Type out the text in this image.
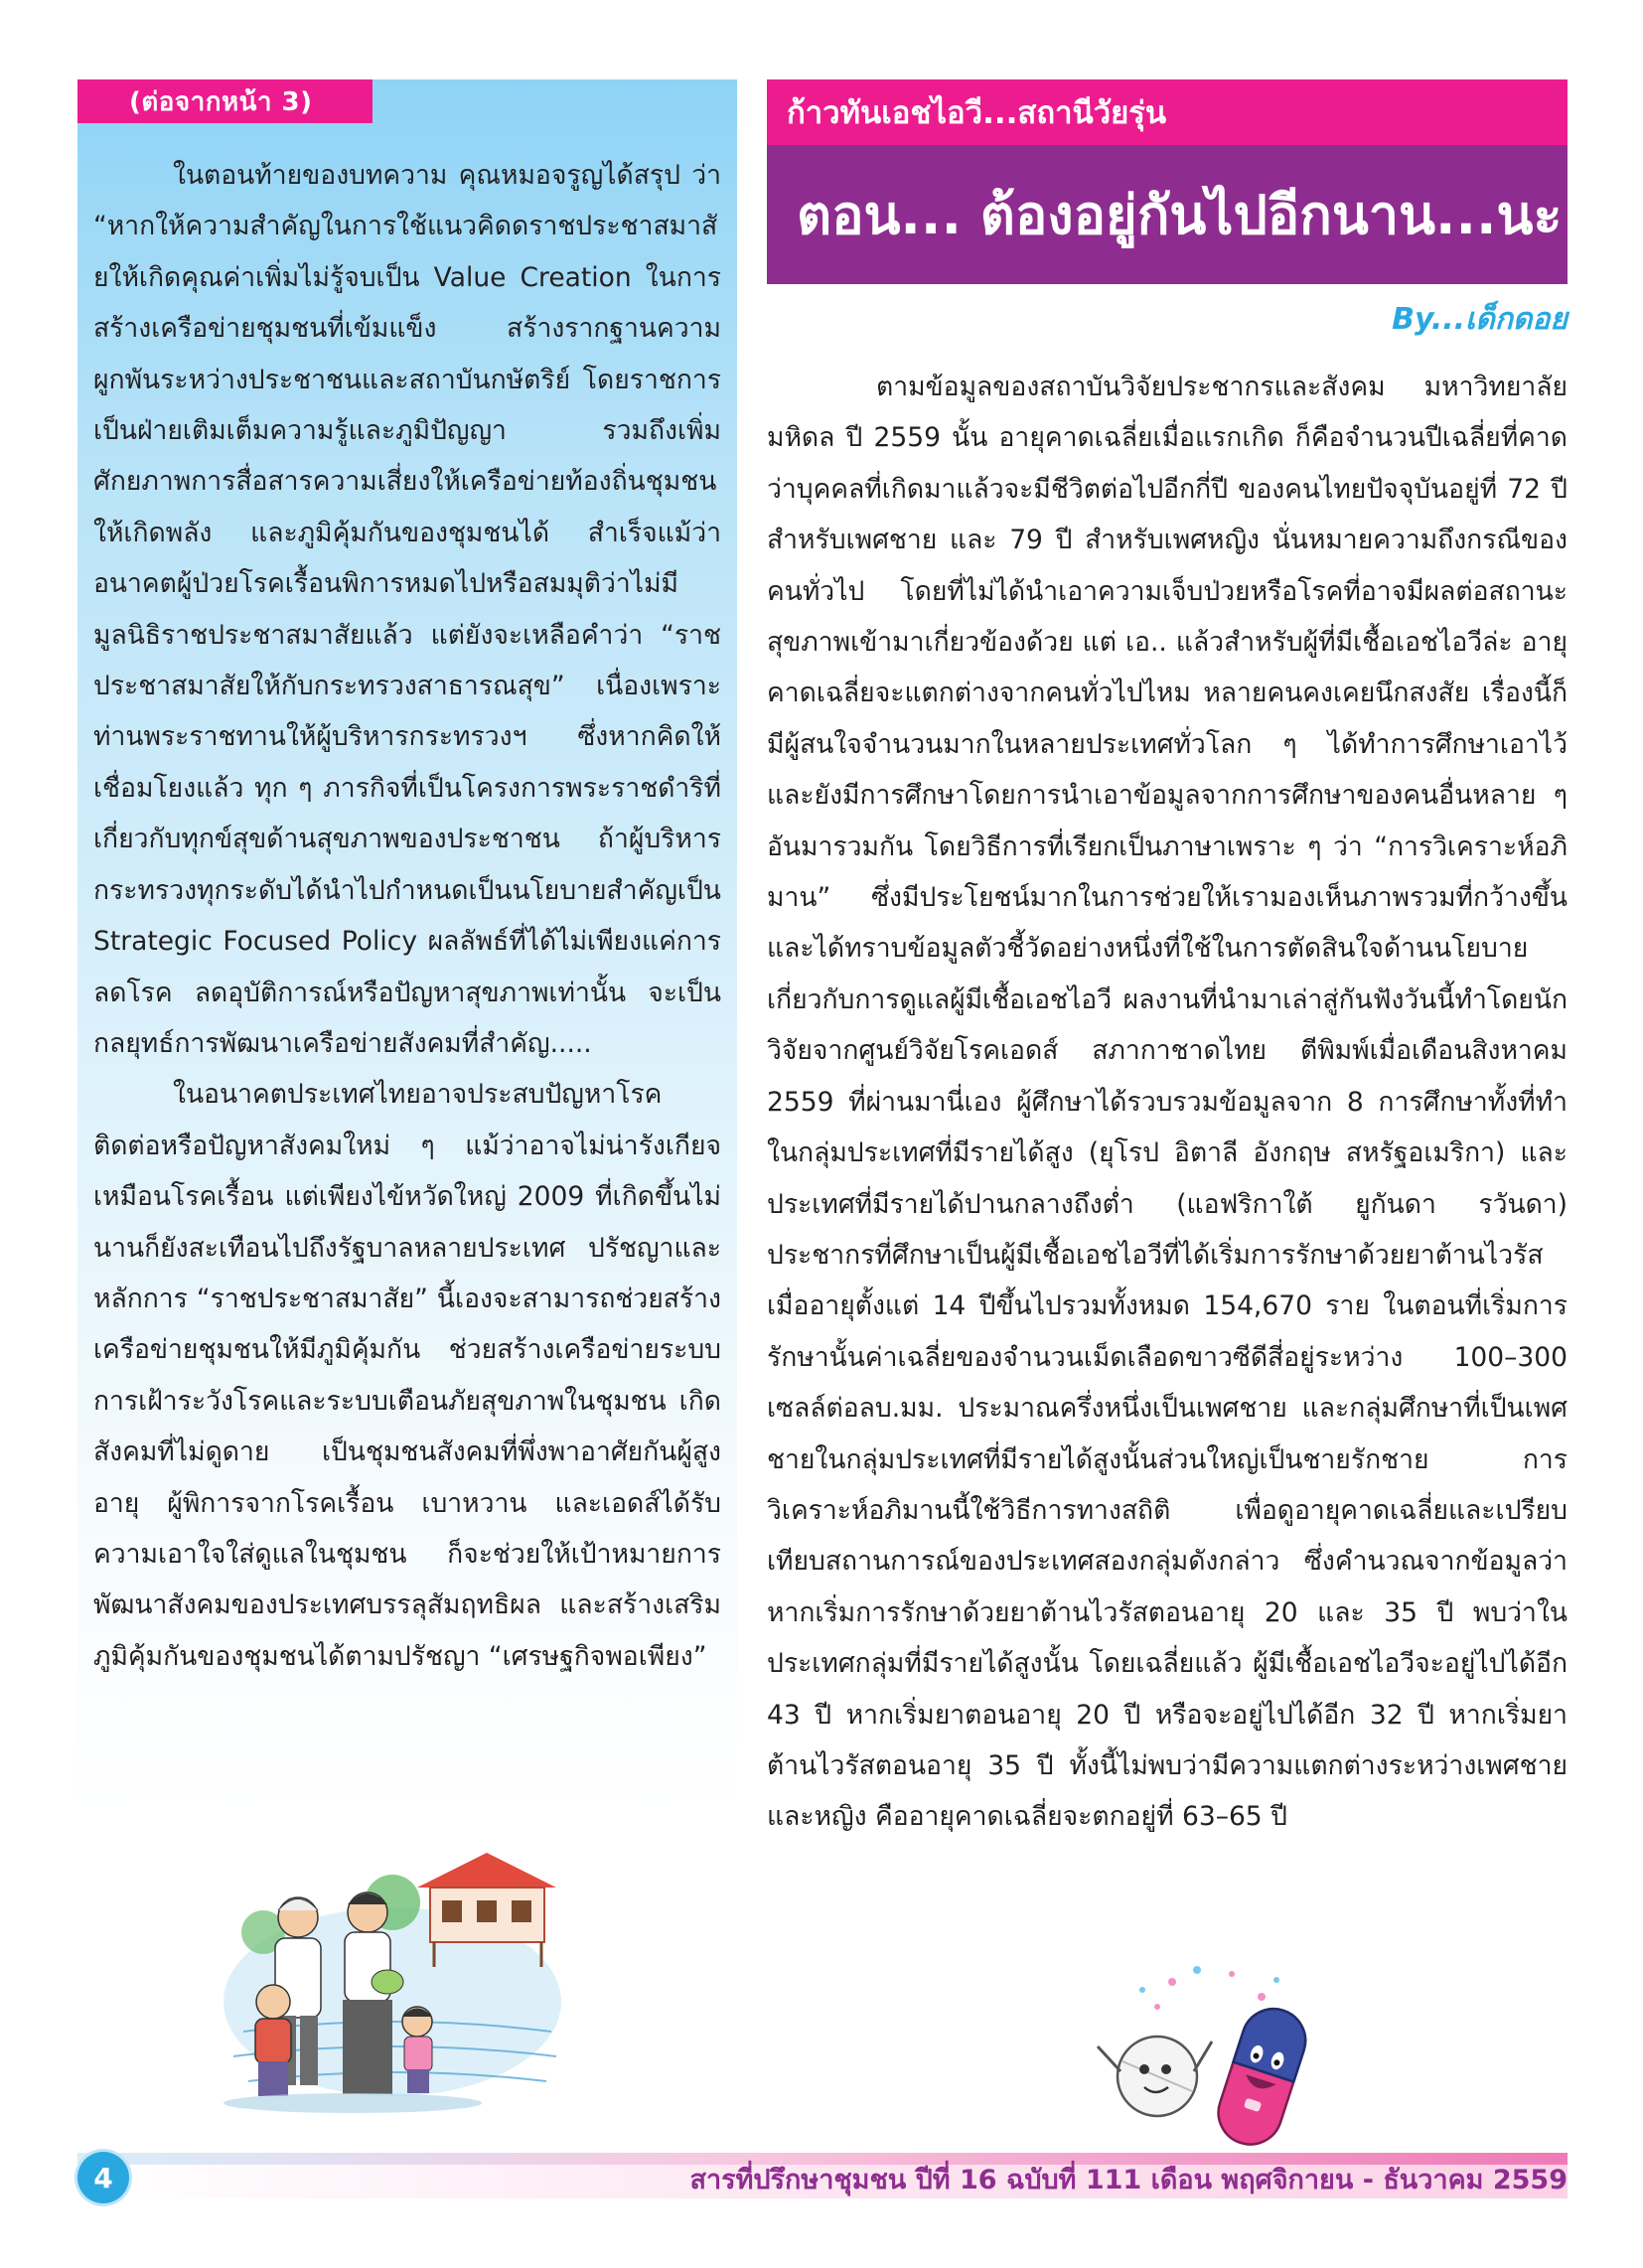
(ต่อจากหน้า 3)

ในตอนท้ายของบทความ คุณหมอจรูญได้สรุป ว่า “หากให้ความสำคัญในการใช้แนวคิดดราชประชาสมาสัยให้เกิดคุณค่าเพิ่มไม่รู้จบเป็น Value Creation ในการสร้างเครือข่ายชุมชนที่เข้มแข็ง สร้างรากฐานความผูกพันระหว่างประชาชนและสถาบันกษัตริย์ โดยราชการเป็นฝ่ายเติมเต็มความรู้และภูมิปัญญา รวมถึงเพิ่มศักยภาพการสื่อสารความเสี่ยงให้เครือข่ายท้องถิ่นชุมชนให้เกิดพลัง และภูมิคุ้มกันของชุมชนได้ สำเร็จแม้ว่าอนาคตผู้ป่วยโรคเรื้อนพิการหมดไปหรือสมมุติว่าไม่มีมูลนิธิราชประชาสมาสัยแล้ว แต่ยังจะเหลือคำว่า “ราชประชาสมาสัยให้กับกระทรวงสาธารณสุข” เนื่องเพราะท่านพระราชทานให้ผู้บริหารกระทรวงฯ ซึ่งหากคิดให้เชื่อมโยงแล้ว ทุก ๆ ภารกิจที่เป็นโครงการพระราชดำริที่เกี่ยวกับทุกข์สุขด้านสุขภาพของประชาชน ถ้าผู้บริหารกระทรวงทุกระดับได้นำไปกำหนดเป็นนโยบายสำคัญเป็น Strategic Focused Policy ผลลัพธ์ที่ได้ไม่เพียงแค่การลดโรค ลดอุบัติการณ์หรือปัญหาสุขภาพเท่านั้น จะเป็นกลยุทธ์การพัฒนาเครือข่ายสังคมที่สำคัญ.....

ในอนาคตประเทศไทยอาจประสบปัญหาโรคติดต่อหรือปัญหาสังคมใหม่ ๆ แม้ว่าอาจไม่น่ารังเกียจเหมือนโรคเรื้อน แต่เพียงไข้หวัดใหญ่ 2009 ที่เกิดขึ้นไม่นานก็ยังสะเทือนไปถึงรัฐบาลหลายประเทศ ปรัชญาและหลักการ “ราชประชาสมาสัย” นี้เองจะสามารถช่วยสร้างเครือข่ายชุมชนให้มีภูมิคุ้มกัน ช่วยสร้างเครือข่ายระบบการเฝ้าระวังโรคและระบบเตือนภัยสุขภาพในชุมชน เกิดสังคมที่ไม่ดูดาย เป็นชุมชนสังคมที่พึ่งพาอาศัยกันผู้สูงอายุ ผู้พิการจากโรคเรื้อน เบาหวาน และเอดส์ได้รับความเอาใจใส่ดูแลในชุมชน ก็จะช่วยให้เป้าหมายการพัฒนาสังคมของประเทศบรรลุสัมฤทธิผล และสร้างเสริมภูมิคุ้มกันของชุมชนได้ตามปรัชญา “เศรษฐกิจพอเพียง”

ก้าวทันเอชไอวี...สถานีวัยรุ่น
ตอน... ต้องอยู่กันไปอีกนาน...นะ
By...เด็กดอย

ตามข้อมูลของสถาบันวิจัยประชากรและสังคม มหาวิทยาลัยมหิดล ปี 2559 นั้น อายุคาดเฉลี่ยเมื่อแรกเกิด ก็คือจำนวนปีเฉลี่ยที่คาดว่าบุคคลที่เกิดมาแล้วจะมีชีวิตต่อไปอีกกี่ปี ของคนไทยปัจจุบันอยู่ที่ 72 ปี สำหรับเพศชาย และ 79 ปี สำหรับเพศหญิง นั่นหมายความถึงกรณีของคนทั่วไป โดยที่ไม่ได้นำเอาความเจ็บป่วยหรือโรคที่อาจมีผลต่อสถานะสุขภาพเข้ามาเกี่ยวข้องด้วย แต่ เอ.. แล้วสำหรับผู้ที่มีเชื้อเอชไอวีล่ะ อายุคาดเฉลี่ยจะแตกต่างจากคนทั่วไปไหม หลายคนคงเคยนึกสงสัย เรื่องนี้ก็มีผู้สนใจจำนวนมากในหลายประเทศทั่วโลก ๆ ได้ทำการศึกษาเอาไว้ และยังมีการศึกษาโดยการนำเอาข้อมูลจากการศึกษาของคนอื่นหลาย ๆ อันมารวมกัน โดยวิธีการที่เรียกเป็นภาษาเพราะ ๆ ว่า “การวิเคราะห์อภิมาน” ซึ่งมีประโยชน์มากในการช่วยให้เรามองเห็นภาพรวมที่กว้างขึ้น และได้ทราบข้อมูลตัวชี้วัดอย่างหนึ่งที่ใช้ในการตัดสินใจด้านนโยบายเกี่ยวกับการดูแลผู้มีเชื้อเอชไอวี ผลงานที่นำมาเล่าสู่กันฟังวันนี้ทำโดยนักวิจัยจากศูนย์วิจัยโรคเอดส์ สภากาชาดไทย ตีพิมพ์เมื่อเดือนสิงหาคม 2559 ที่ผ่านมานี่เอง ผู้ศึกษาได้รวบรวมข้อมูลจาก 8 การศึกษาทั้งที่ทำในกลุ่มประเทศที่มีรายได้สูง (ยุโรป อิตาลี อังกฤษ สหรัฐอเมริกา) และประเทศที่มีรายได้ปานกลางถึงต่ำ (แอฟริกาใต้ ยูกันดา รวันดา) ประชากรที่ศึกษาเป็นผู้มีเชื้อเอชไอวีที่ได้เริ่มการรักษาด้วยยาต้านไวรัสเมื่ออายุตั้งแต่ 14 ปีขึ้นไปรวมทั้งหมด 154,670 ราย ในตอนที่เริ่มการรักษานั้นค่าเฉลี่ยของจำนวนเม็ดเลือดขาวซีดีสี่อยู่ระหว่าง 100–300 เซลล์ต่อลบ.มม. ประมาณครึ่งหนึ่งเป็นเพศชาย และกลุ่มศึกษาที่เป็นเพศชายในกลุ่มประเทศที่มีรายได้สูงนั้นส่วนใหญ่เป็นชายรักชาย การวิเคราะห์อภิมานนี้ใช้วิธีการทางสถิติ เพื่อดูอายุคาดเฉลี่ยและเปรียบเทียบสถานการณ์ของประเทศสองกลุ่มดังกล่าว ซึ่งคำนวณจากข้อมูลว่า หากเริ่มการรักษาด้วยยาต้านไวรัสตอนอายุ 20 และ 35 ปี พบว่าในประเทศกลุ่มที่มีรายได้สูงนั้น โดยเฉลี่ยแล้ว ผู้มีเชื้อเอชไอวีจะอยู่ไปได้อีก 43 ปี หากเริ่มยาตอนอายุ 20 ปี หรือจะอยู่ไปได้อีก 32 ปี หากเริ่มยาต้านไวรัสตอนอายุ 35 ปี ทั้งนี้ไม่พบว่ามีความแตกต่างระหว่างเพศชายและหญิง คืออายุคาดเฉลี่ยจะตกอยู่ที่ 63–65 ปี

4	สารที่ปรึกษาชุมชน ปีที่ 16 ฉบับที่ 111 เดือน พฤศจิกายน - ธันวาคม 2559
